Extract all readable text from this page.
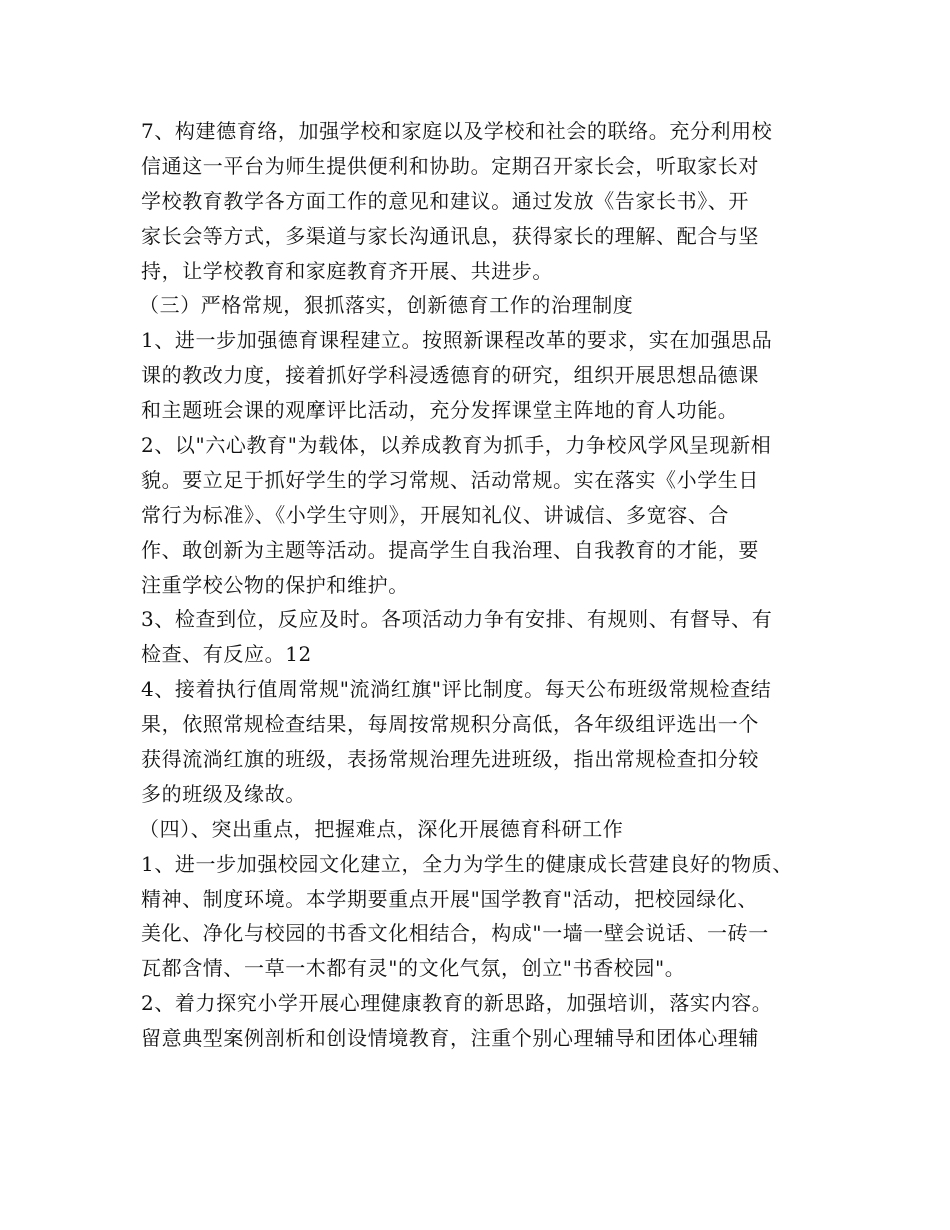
7、构建德育络，加强学校和家庭以及学校和社会的联络。充分利用校
信通这一平台为师生提供便利和协助。定期召开家长会，听取家长对
学校教育教学各方面工作的意见和建议。通过发放《告家长书》、开
家长会等方式，多渠道与家长沟通讯息，获得家长的理解、配合与坚
持，让学校教育和家庭教育齐开展、共进步。
（三）严格常规，狠抓落实，创新德育工作的治理制度
1、进一步加强德育课程建立。按照新课程改革的要求，实在加强思品
课的教改力度，接着抓好学科浸透德育的研究，组织开展思想品德课
和主题班会课的观摩评比活动，充分发挥课堂主阵地的育人功能。
2、以"六心教育"为载体，以养成教育为抓手，力争校风学风呈现新相
貌。要立足于抓好学生的学习常规、活动常规。实在落实《小学生日
常行为标准》、《小学生守则》，开展知礼仪、讲诚信、多宽容、合
作、敢创新为主题等活动。提高学生自我治理、自我教育的才能，要
注重学校公物的保护和维护。
3、检查到位，反应及时。各项活动力争有安排、有规则、有督导、有
检查、有反应。12
4、接着执行值周常规"流淌红旗"评比制度。每天公布班级常规检查结
果，依照常规检查结果，每周按常规积分高低，各年级组评选出一个
获得流淌红旗的班级，表扬常规治理先进班级，指出常规检查扣分较
多的班级及缘故。
（四）、突出重点，把握难点，深化开展德育科研工作
1、进一步加强校园文化建立，全力为学生的健康成长营建良好的物质、
精神、制度环境。本学期要重点开展"国学教育"活动，把校园绿化、
美化、净化与校园的书香文化相结合，构成"一墙一壁会说话、一砖一
瓦都含情、一草一木都有灵"的文化气氛，创立"书香校园"。
2、着力探究小学开展心理健康教育的新思路，加强培训，落实内容。
留意典型案例剖析和创设情境教育，注重个别心理辅导和团体心理辅
